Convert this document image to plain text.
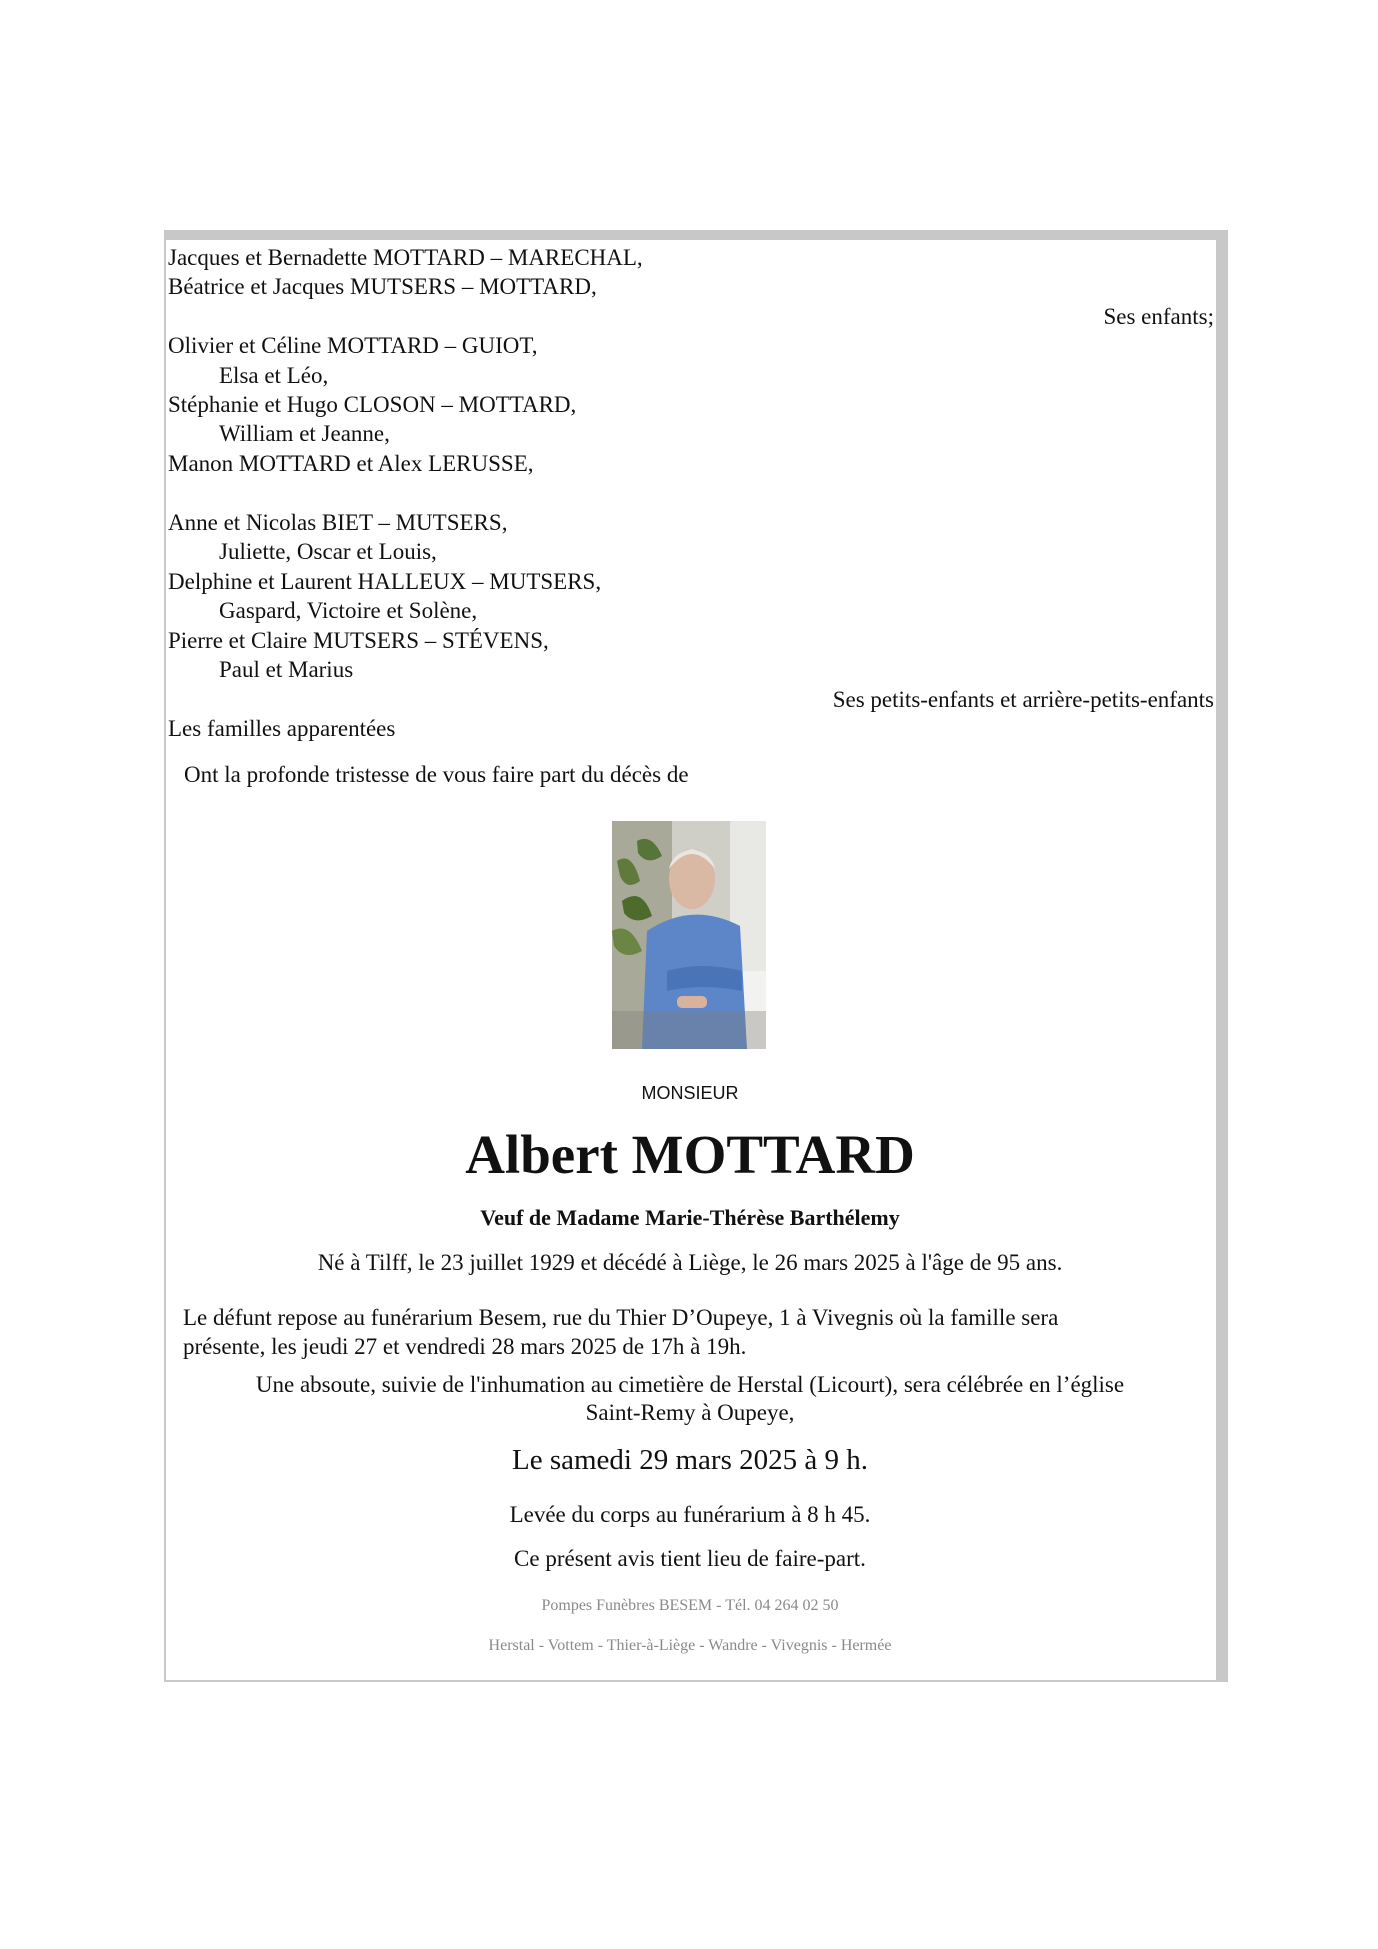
Jacques et Bernadette MOTTARD – MARECHAL,
Béatrice et Jacques MUTSERS – MOTTARD,
Ses enfants;
Olivier et Céline MOTTARD – GUIOT,
Elsa et Léo,
Stéphanie et Hugo CLOSON – MOTTARD,
William et Jeanne,
Manon MOTTARD et Alex LERUSSE,
Anne et Nicolas BIET – MUTSERS,
Juliette, Oscar et Louis,
Delphine et Laurent HALLEUX – MUTSERS,
Gaspard, Victoire et Solène,
Pierre et Claire MUTSERS – STÉVENS,
Paul et Marius
Ses petits-enfants et arrière-petits-enfants
Les familles apparentées
Ont la profonde tristesse de vous faire part du décès de
MONSIEUR
Albert MOTTARD
Veuf de Madame Marie-Thérèse Barthélemy
Né à Tilff, le 23 juillet 1929 et décédé à Liège, le 26 mars 2025 à l'âge de 95 ans.
Le défunt repose au funérarium Besem, rue du Thier D’Oupeye, 1 à Vivegnis où la famille sera
présente, les jeudi 27 et vendredi 28 mars 2025 de 17h à 19h.
Une absoute, suivie de l'inhumation au cimetière de Herstal (Licourt), sera célébrée en l’église
Saint-Remy à Oupeye,
Le samedi 29 mars 2025 à 9 h.
Levée du corps au funérarium à 8 h 45.
Ce présent avis tient lieu de faire-part.
Pompes Funèbres BESEM - Tél. 04 264 02 50
Herstal - Vottem - Thier-à-Liège - Wandre - Vivegnis - Hermée
